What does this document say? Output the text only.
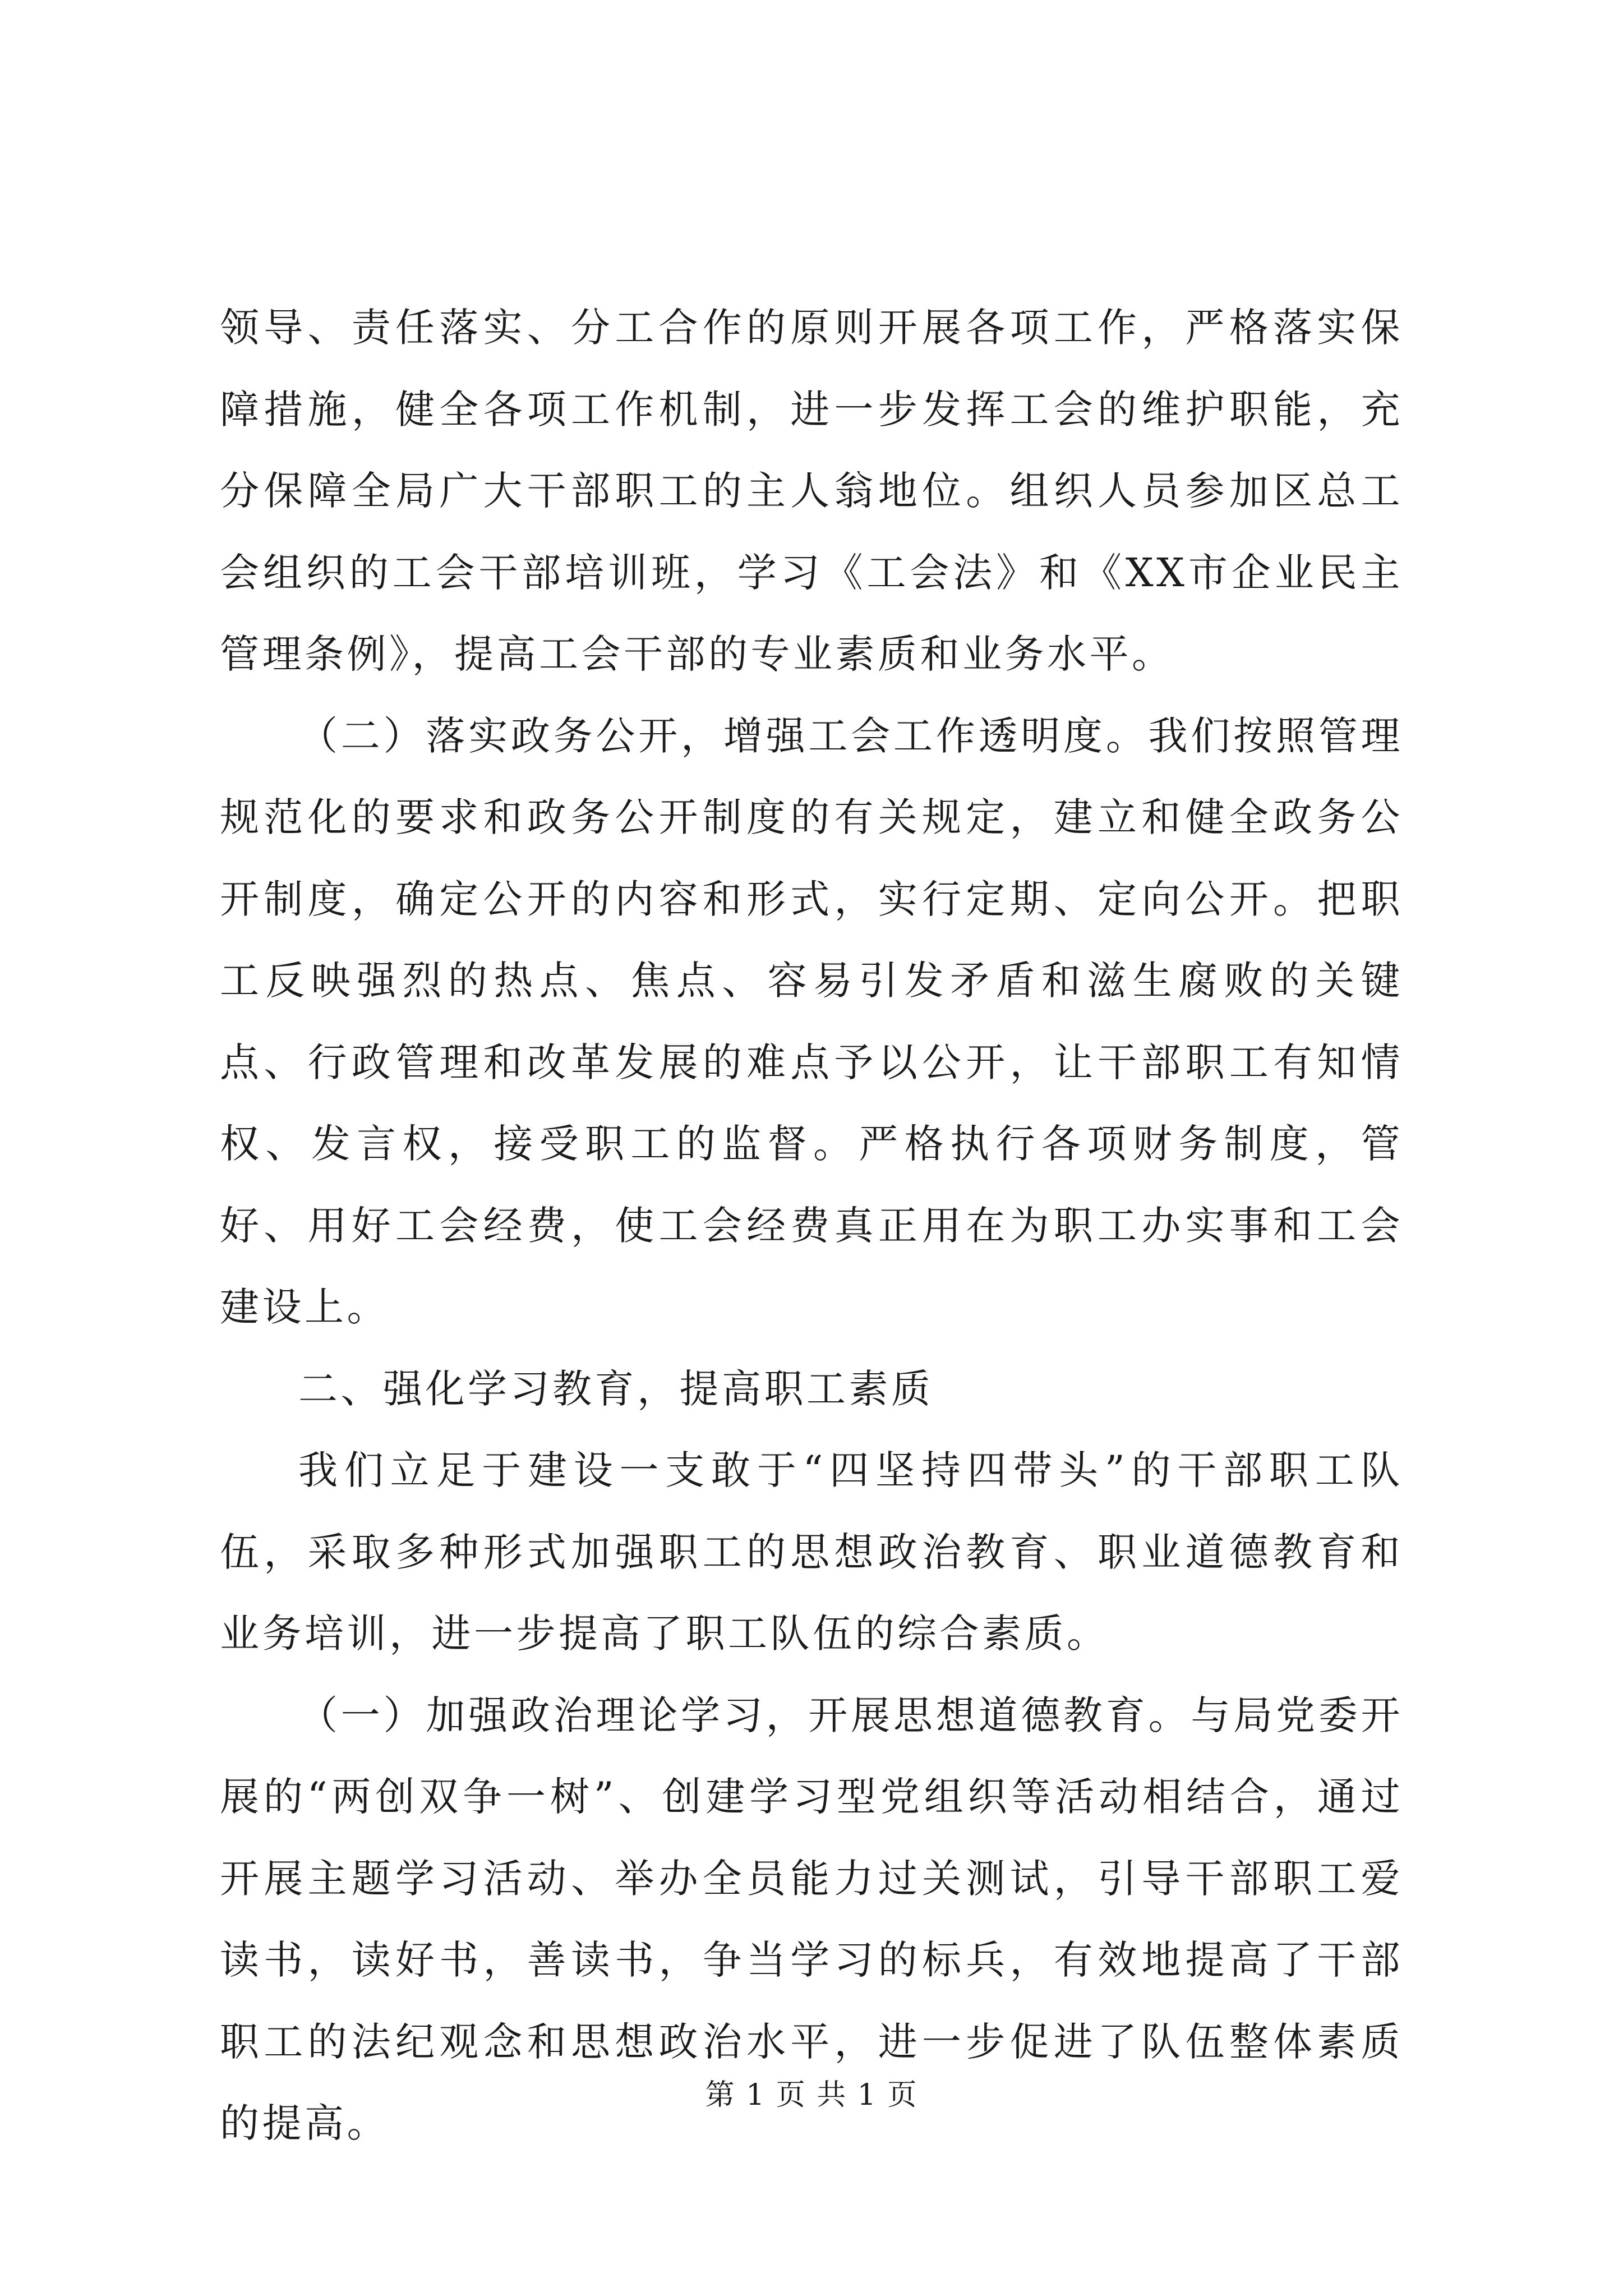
领导、责任落实、分工合作的原则开展各项工作，严格落实保障措施，健全各项工作机制，进一步发挥工会的维护职能，充分保障全局广大干部职工的主人翁地位。组织人员参加区总工会组织的工会干部培训班，学习《工会法》和《XX市企业民主管理条例》，提高工会干部的专业素质和业务水平。

（二）落实政务公开，增强工会工作透明度。我们按照管理规范化的要求和政务公开制度的有关规定，建立和健全政务公开制度，确定公开的内容和形式，实行定期、定向公开。把职工反映强烈的热点、焦点、容易引发矛盾和滋生腐败的关键点、行政管理和改革发展的难点予以公开，让干部职工有知情权、发言权，接受职工的监督。严格执行各项财务制度，管好、用好工会经费，使工会经费真正用在为职工办实事和工会建设上。

二、强化学习教育，提高职工素质

我们立足于建设一支敢于“四坚持四带头”的干部职工队伍，采取多种形式加强职工的思想政治教育、职业道德教育和业务培训，进一步提高了职工队伍的综合素质。

（一）加强政治理论学习，开展思想道德教育。与局党委开展的“两创双争一树”、创建学习型党组织等活动相结合，通过开展主题学习活动、举办全员能力过关测试，引导干部职工爱读书，读好书，善读书，争当学习的标兵，有效地提高了干部职工的法纪观念和思想政治水平，进一步促进了队伍整体素质的提高。

第 1 页 共 1 页
